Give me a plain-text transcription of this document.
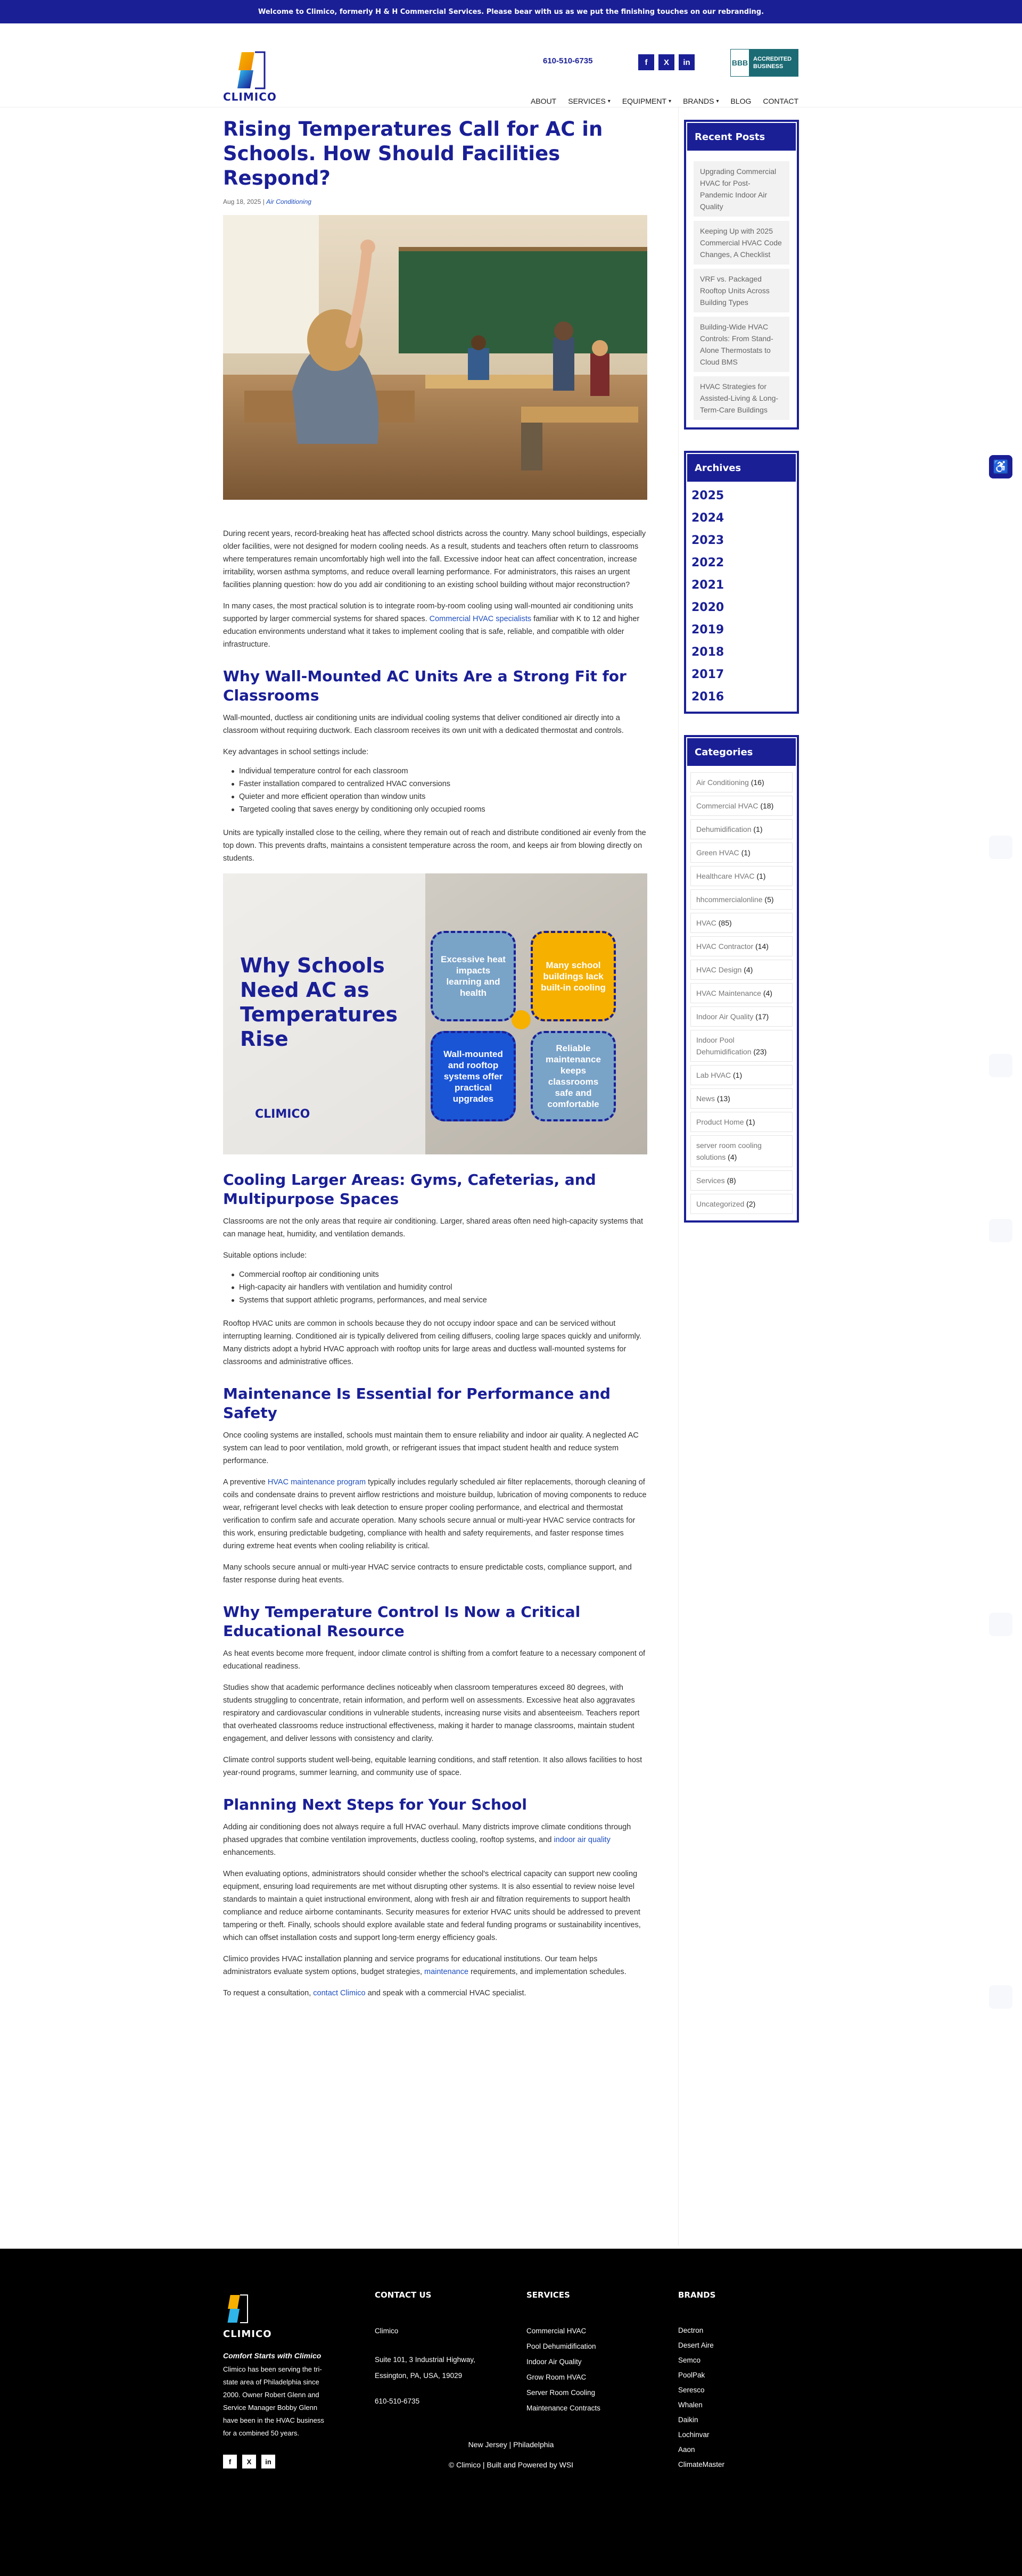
Welcome to Climico, formerly H & H Commercial Services. Please bear with us as we put the finishing touches on our rebranding.
CLIMICO
610-510-6735	f	X	in	BBB ACCREDITED
BUSINESS
ABOUT SERVICES ▾ EQUIPMENT ▾ BRANDS ▾ BLOG CONTACT
Rising Temperatures Call for AC in Schools. How Should Facilities Respond?
Aug 18, 2025 | Air Conditioning

During recent years, record-breaking heat has affected school districts across the country. Many school buildings, especially older facilities, were not designed for modern cooling needs. As a result, students and teachers often return to classrooms where temperatures remain uncomfortably high well into the fall. Excessive indoor heat can affect concentration, increase irritability, worsen asthma symptoms, and reduce overall learning performance. For administrators, this raises an urgent facilities planning question: how do you add air conditioning to an existing school building without major reconstruction?

In many cases, the most practical solution is to integrate room-by-room cooling using wall-mounted air conditioning units supported by larger commercial systems for shared spaces. Commercial HVAC specialists familiar with K to 12 and higher education environments understand what it takes to implement cooling that is safe, reliable, and compatible with older infrastructure.

Why Wall-Mounted AC Units Are a Strong Fit for Classrooms

Wall-mounted, ductless air conditioning units are individual cooling systems that deliver conditioned air directly into a classroom without requiring ductwork. Each classroom receives its own unit with a dedicated thermostat and controls.

Key advantages in school settings include:

Individual temperature control for each classroom
Faster installation compared to centralized HVAC conversions
Quieter and more efficient operation than window units
Targeted cooling that saves energy by conditioning only occupied rooms

Units are typically installed close to the ceiling, where they remain out of reach and distribute conditioned air evenly from the top down. This prevents drafts, maintains a consistent temperature across the room, and keeps air from blowing directly on students.

Why Schools Need AC as Temperatures Rise
CLIMICO
Excessive heat impacts learning and health
Many school buildings lack built-in cooling
Wall-mounted and rooftop systems offer practical upgrades
Reliable maintenance keeps classrooms safe and comfortable
Cooling Larger Areas: Gyms, Cafeterias, and Multipurpose Spaces

Classrooms are not the only areas that require air conditioning. Larger, shared areas often need high-capacity systems that can manage heat, humidity, and ventilation demands.

Suitable options include:

Commercial rooftop air conditioning units
High-capacity air handlers with ventilation and humidity control
Systems that support athletic programs, performances, and meal service

Rooftop HVAC units are common in schools because they do not occupy indoor space and can be serviced without interrupting learning. Conditioned air is typically delivered from ceiling diffusers, cooling large spaces quickly and uniformly. Many districts adopt a hybrid HVAC approach with rooftop units for large areas and ductless wall-mounted systems for classrooms and administrative offices.

Maintenance Is Essential for Performance and Safety

Once cooling systems are installed, schools must maintain them to ensure reliability and indoor air quality. A neglected AC system can lead to poor ventilation, mold growth, or refrigerant issues that impact student health and reduce system performance.

A preventive HVAC maintenance program typically includes regularly scheduled air filter replacements, thorough cleaning of coils and condensate drains to prevent airflow restrictions and moisture buildup, lubrication of moving components to reduce wear, refrigerant level checks with leak detection to ensure proper cooling performance, and electrical and thermostat verification to confirm safe and accurate operation. Many schools secure annual or multi-year HVAC service contracts for this work, ensuring predictable budgeting, compliance with health and safety requirements, and faster response times during extreme heat events when cooling reliability is critical.

Many schools secure annual or multi-year HVAC service contracts to ensure predictable costs, compliance support, and faster response during heat events.

Why Temperature Control Is Now a Critical Educational Resource

As heat events become more frequent, indoor climate control is shifting from a comfort feature to a necessary component of educational readiness.

Studies show that academic performance declines noticeably when classroom temperatures exceed 80 degrees, with students struggling to concentrate, retain information, and perform well on assessments. Excessive heat also aggravates respiratory and cardiovascular conditions in vulnerable students, increasing nurse visits and absenteeism. Teachers report that overheated classrooms reduce instructional effectiveness, making it harder to manage classrooms, maintain student engagement, and deliver lessons with consistency and clarity.

Climate control supports student well-being, equitable learning conditions, and staff retention. It also allows facilities to host year-round programs, summer learning, and community use of space.

Planning Next Steps for Your School

Adding air conditioning does not always require a full HVAC overhaul. Many districts improve climate conditions through phased upgrades that combine ventilation improvements, ductless cooling, rooftop systems, and indoor air quality enhancements.

When evaluating options, administrators should consider whether the school's electrical capacity can support new cooling equipment, ensuring load requirements are met without disrupting other systems. It is also essential to review noise level standards to maintain a quiet instructional environment, along with fresh air and filtration requirements to support health compliance and reduce airborne contaminants. Security measures for exterior HVAC units should be addressed to prevent tampering or theft. Finally, schools should explore available state and federal funding programs or sustainability incentives, which can offset installation costs and support long-term energy efficiency goals.

Climico provides HVAC installation planning and service programs for educational institutions. Our team helps administrators evaluate system options, budget strategies, maintenance requirements, and implementation schedules.

To request a consultation, contact Climico and speak with a commercial HVAC specialist.

Recent Posts
Upgrading Commercial HVAC for Post-Pandemic Indoor Air Quality
Keeping Up with 2025 Commercial HVAC Code Changes, A Checklist
VRF vs. Packaged Rooftop Units Across Building Types
Building-Wide HVAC Controls: From Stand-Alone Thermostats to Cloud BMS
HVAC Strategies for Assisted-Living & Long-Term-Care Buildings
Archives
2025
2024
2023
2022
2021
2020
2019
2018
2017
2016
Categories
Air Conditioning (16)
Commercial HVAC (18)
Dehumidification (1)
Green HVAC (1)
Healthcare HVAC (1)
hhcommercialonline (5)
HVAC (85)
HVAC Contractor (14)
HVAC Design (4)
HVAC Maintenance (4)
Indoor Air Quality (17)
Indoor Pool Dehumidification (23)
Lab HVAC (1)
News (13)
Product Home (1)
server room cooling solutions (4)
Services (8)
Uncategorized (2)
♿
CLIMICO
Comfort Starts with Climico
Climico has been serving the tri-state area of Philadelphia since 2000. Owner Robert Glenn and Service Manager Bobby Glenn have been in the HVAC business for a combined 50 years.
f X in
CONTACT US
Climico
Suite 101, 3 Industrial Highway, Essington, PA, USA, 19029
610-510-6735
SERVICES
Commercial HVAC
Pool Dehumidification
Indoor Air Quality
Grow Room HVAC
Server Room Cooling
Maintenance Contracts
BRANDS
Dectron
Desert Aire
Semco
PoolPak
Seresco
Whalen
Daikin
Lochinvar
Aaon
ClimateMaster
New Jersey | Philadelphia
© Climico | Built and Powered by WSI
